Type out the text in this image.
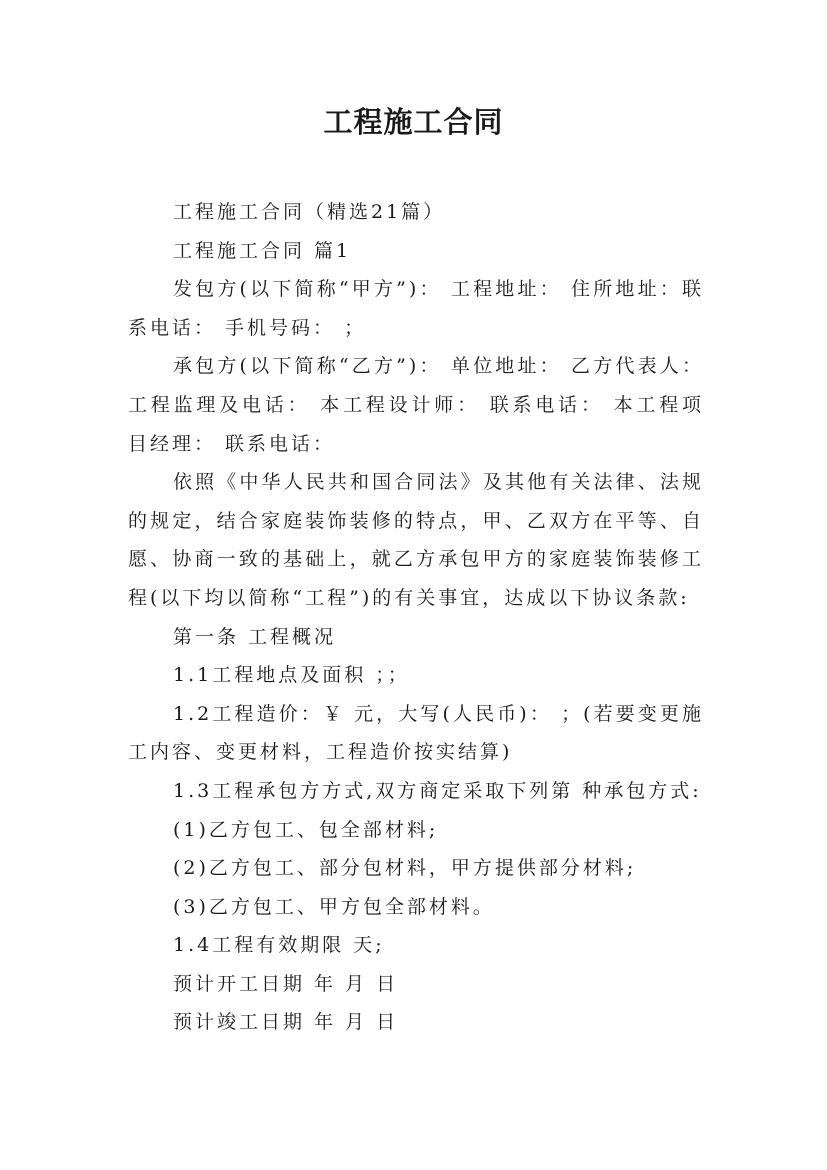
工程施工合同

工程施工合同（精选21篇）

工程施工合同 篇1

发包方(以下简称“甲方”)： 工程地址： 住所地址：联系电话： 手机号码： ；

承包方(以下简称“乙方”)： 单位地址： 乙方代表人：工程监理及电话： 本工程设计师： 联系电话： 本工程项目经理： 联系电话：

依照《中华人民共和国合同法》及其他有关法律、法规的规定，结合家庭装饰装修的特点，甲、乙双方在平等、自愿、协商一致的基础上，就乙方承包甲方的家庭装饰装修工程(以下均以简称“工程”)的有关事宜，达成以下协议条款:

第一条 工程概况

1.1工程地点及面积 ；；

1.2工程造价：￥ 元，大写(人民币)： ；(若要变更施工内容、变更材料，工程造价按实结算)

1.3工程承包方方式,双方商定采取下列第 种承包方式:

(1)乙方包工、包全部材料;

(2)乙方包工、部分包材料，甲方提供部分材料;

(3)乙方包工、甲方包全部材料。

1.4工程有效期限 天;

预计开工日期 年 月 日

预计竣工日期 年 月 日
